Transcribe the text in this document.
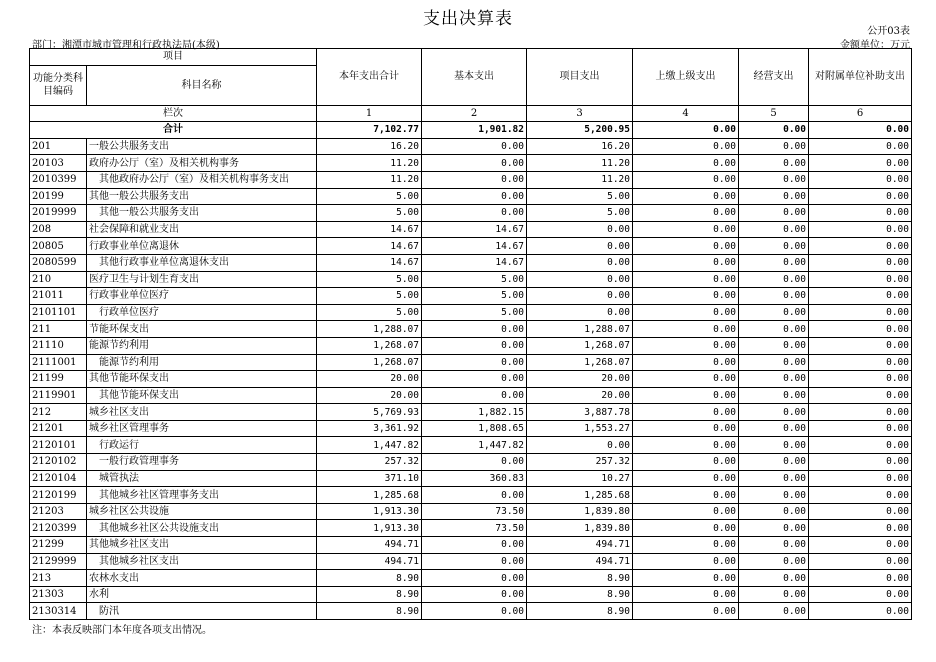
支出决算表
公开03表
部门：湘潭市城市管理和行政执法局(本级)	金额单位：万元
项目		本年支出合计	基本支出	项目支出	上缴上级支出	经营支出	对附属单位补助支出
功能分类科目编码	科目名称						
栏次		1	2	3	4	5	6
合计		7,102.77	1,901.82	5,200.95	0.00	0.00	0.00
201	一般公共服务支出	16.20	0.00	16.20	0.00	0.00	0.00
20103	政府办公厅（室）及相关机构事务	11.20	0.00	11.20	0.00	0.00	0.00
2010399	其他政府办公厅（室）及相关机构事务支出	11.20	0.00	11.20	0.00	0.00	0.00
20199	其他一般公共服务支出	5.00	0.00	5.00	0.00	0.00	0.00
2019999	其他一般公共服务支出	5.00	0.00	5.00	0.00	0.00	0.00
208	社会保障和就业支出	14.67	14.67	0.00	0.00	0.00	0.00
20805	行政事业单位离退休	14.67	14.67	0.00	0.00	0.00	0.00
2080599	其他行政事业单位离退休支出	14.67	14.67	0.00	0.00	0.00	0.00
210	医疗卫生与计划生育支出	5.00	5.00	0.00	0.00	0.00	0.00
21011	行政事业单位医疗	5.00	5.00	0.00	0.00	0.00	0.00
2101101	行政单位医疗	5.00	5.00	0.00	0.00	0.00	0.00
211	节能环保支出	1,288.07	0.00	1,288.07	0.00	0.00	0.00
21110	能源节约利用	1,268.07	0.00	1,268.07	0.00	0.00	0.00
2111001	能源节约利用	1,268.07	0.00	1,268.07	0.00	0.00	0.00
21199	其他节能环保支出	20.00	0.00	20.00	0.00	0.00	0.00
2119901	其他节能环保支出	20.00	0.00	20.00	0.00	0.00	0.00
212	城乡社区支出	5,769.93	1,882.15	3,887.78	0.00	0.00	0.00
21201	城乡社区管理事务	3,361.92	1,808.65	1,553.27	0.00	0.00	0.00
2120101	行政运行	1,447.82	1,447.82	0.00	0.00	0.00	0.00
2120102	一般行政管理事务	257.32	0.00	257.32	0.00	0.00	0.00
2120104	城管执法	371.10	360.83	10.27	0.00	0.00	0.00
2120199	其他城乡社区管理事务支出	1,285.68	0.00	1,285.68	0.00	0.00	0.00
21203	城乡社区公共设施	1,913.30	73.50	1,839.80	0.00	0.00	0.00
2120399	其他城乡社区公共设施支出	1,913.30	73.50	1,839.80	0.00	0.00	0.00
21299	其他城乡社区支出	494.71	0.00	494.71	0.00	0.00	0.00
2129999	其他城乡社区支出	494.71	0.00	494.71	0.00	0.00	0.00
213	农林水支出	8.90	0.00	8.90	0.00	0.00	0.00
21303	水利	8.90	0.00	8.90	0.00	0.00	0.00
2130314	防汛	8.90	0.00	8.90	0.00	0.00	0.00
注：本表反映部门本年度各项支出情况。
